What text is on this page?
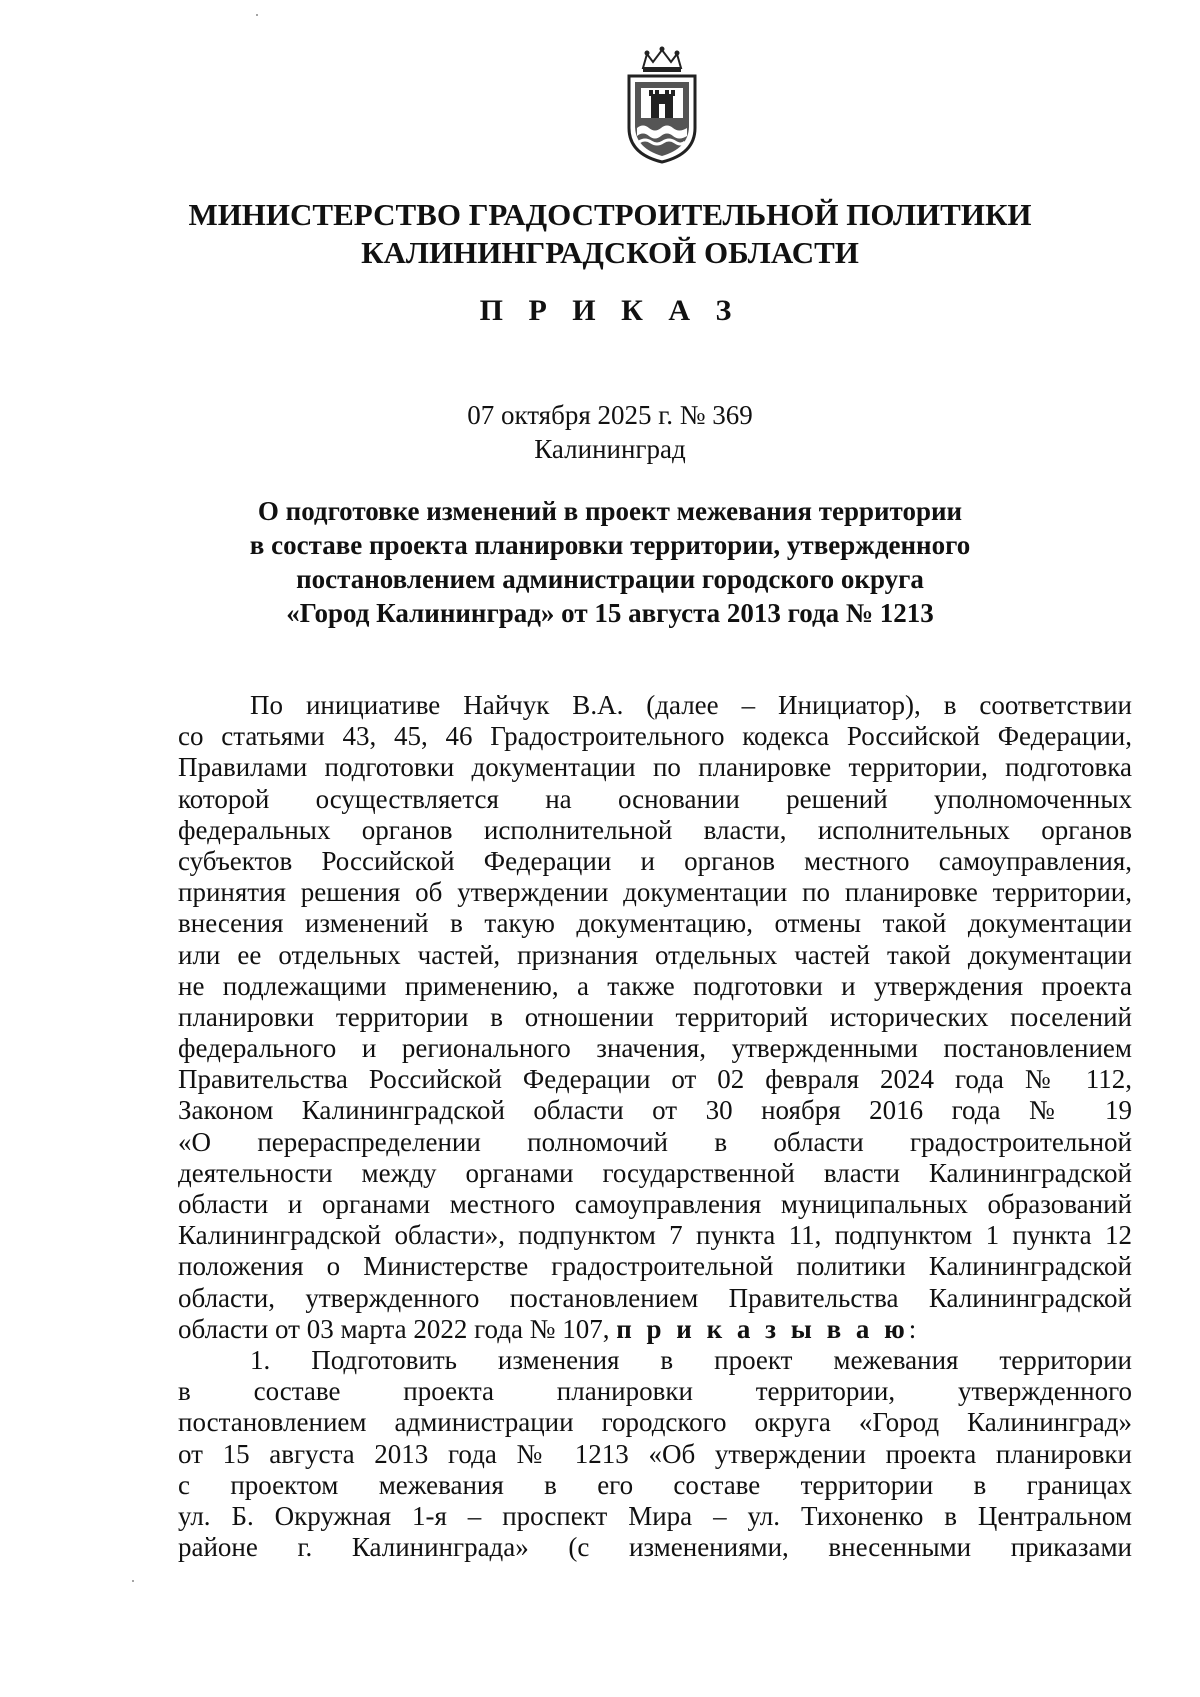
МИНИСТЕРСТВО ГРАДОСТРОИТЕЛЬНОЙ ПОЛИТИКИ
КАЛИНИНГРАДСКОЙ ОБЛАСТИ
П Р И К А З
07 октября 2025 г. № 369
Калининград
О подготовке изменений в проект межевания территории
в составе проекта планировки территории, утвержденного
постановлением администрации городского округа
«Город Калининград» от 15 августа 2013 года № 1213
По инициативе Найчук В.А. (далее – Инициатор), в соответствии
со статьями 43, 45, 46 Градостроительного кодекса Российской Федерации,
Правилами подготовки документации по планировке территории, подготовка
которой осуществляется на основании решений уполномоченных
федеральных органов исполнительной власти, исполнительных органов
субъектов Российской Федерации и органов местного самоуправления,
принятия решения об утверждении документации по планировке территории,
внесения изменений в такую документацию, отмены такой документации
или ее отдельных частей, признания отдельных частей такой документации
не подлежащими применению, а также подготовки и утверждения проекта
планировки территории в отношении территорий исторических поселений
федерального и регионального значения, утвержденными постановлением
Правительства Российской Федерации от 02 февраля 2024 года № 112,
Законом Калининградской области от 30 ноября 2016 года № 19
«О перераспределении полномочий в области градостроительной
деятельности между органами государственной власти Калининградской
области и органами местного самоуправления муниципальных образований
Калининградской области», подпунктом 7 пункта 11, подпунктом 1 пункта 12
положения о Министерстве градостроительной политики Калининградской
области, утвержденного постановлением Правительства Калининградской
области от 03 марта 2022 года № 107, п р и к а з ы в а ю:
1. Подготовить изменения в проект межевания территории
в составе проекта планировки территории, утвержденного
постановлением администрации городского округа «Город Калининград»
от 15 августа 2013 года № 1213 «Об утверждении проекта планировки
с проектом межевания в его составе территории в границах
ул. Б. Окружная 1-я – проспект Мира – ул. Тихоненко в Центральном
районе г. Калининграда» (с изменениями, внесенными приказами
